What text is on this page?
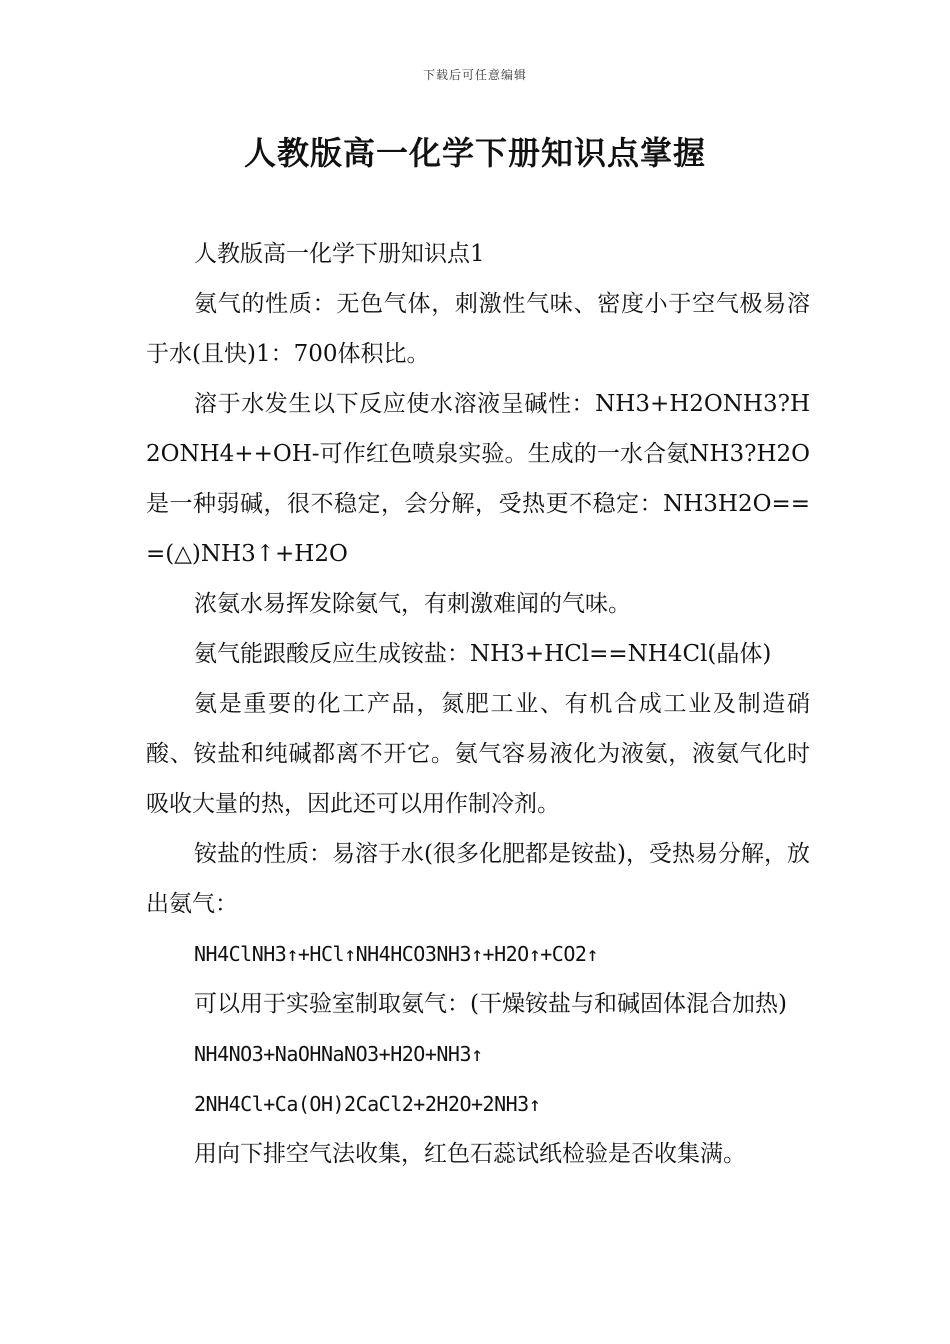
下载后可任意编辑
人教版高一化学下册知识点掌握

人教版高一化学下册知识点1

氨气的性质：无色气体，刺激性气味、密度小于空气极易溶于水(且快)1：700体积比。

溶于水发生以下反应使水溶液呈碱性：NH3+H2ONH3?H2ONH4++OH-可作红色喷泉实验。生成的一水合氨NH3?H2O是一种弱碱，很不稳定，会分解，受热更不稳定：NH3H2O===(△)NH3↑+H2O

浓氨水易挥发除氨气，有刺激难闻的气味。

氨气能跟酸反应生成铵盐：NH3+HCl==NH4Cl(晶体)

氨是重要的化工产品，氮肥工业、有机合成工业及制造硝酸、铵盐和纯碱都离不开它。氨气容易液化为液氨，液氨气化时吸收大量的热，因此还可以用作制冷剂。

铵盐的性质：易溶于水(很多化肥都是铵盐)，受热易分解，放出氨气：

NH4ClNH3↑+HCl↑NH4HCO3NH3↑+H2O↑+CO2↑

可以用于实验室制取氨气：(干燥铵盐与和碱固体混合加热)

NH4NO3+NaOHNaNO3+H2O+NH3↑

2NH4Cl+Ca(OH)2CaCl2+2H2O+2NH3↑

用向下排空气法收集，红色石蕊试纸检验是否收集满。
